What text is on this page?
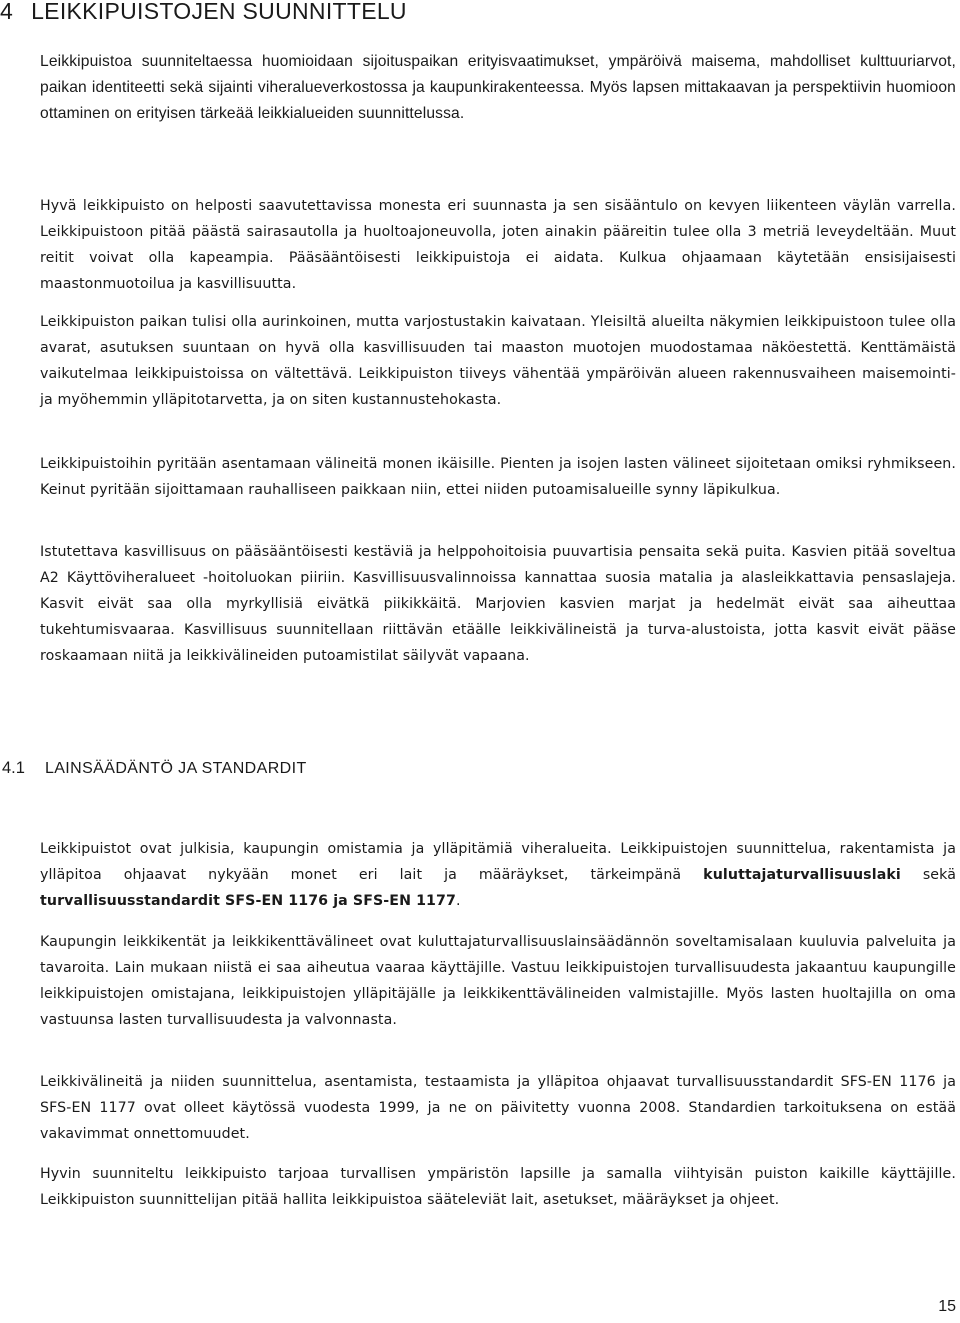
4 LEIKKIPUISTOJEN SUUNNITTELU

Leikkipuistoa suunniteltaessa huomioidaan sijoituspaikan erityisvaatimukset, ympäröivä maisema, mahdolliset kulttuuriarvot, paikan identiteetti sekä sijainti viheralueverkostossa ja kaupunkirakenteessa. Myös lapsen mittakaavan ja perspektiivin huomioon ottaminen on erityisen tärkeää leikkialueiden suunnittelussa.

Hyvä leikkipuisto on helposti saavutettavissa monesta eri suunnasta ja sen sisääntulo on kevyen liikenteen väylän varrella. Leikkipuistoon pitää päästä sairasautolla ja huoltoajoneuvolla, joten ainakin pääreitin tulee olla 3 metriä leveydeltään. Muut reitit voivat olla kapeampia. Pääsääntöisesti leikkipuistoja ei aidata. Kulkua ohjaamaan käytetään ensisijaisesti maastonmuotoilua ja kasvillisuutta.

Leikkipuiston paikan tulisi olla aurinkoinen, mutta varjostustakin kaivataan. Yleisiltä alueilta näkymien leikkipuistoon tulee olla avarat, asutuksen suuntaan on hyvä olla kasvillisuuden tai maaston muotojen muodostamaa näköestettä. Kenttämäistä vaikutelmaa leikkipuistoissa on vältettävä. Leikkipuiston tiiveys vähentää ympäröivän alueen rakennusvaiheen maisemointi- ja myöhemmin ylläpitotarvetta, ja on siten kustannustehokasta.

Leikkipuistoihin pyritään asentamaan välineitä monen ikäisille. Pienten ja isojen lasten välineet sijoitetaan omiksi ryhmikseen. Keinut pyritään sijoittamaan rauhalliseen paikkaan niin, ettei niiden putoamisalueille synny läpikulkua.

Istutettava kasvillisuus on pääsääntöisesti kestäviä ja helppohoitoisia puuvartisia pensaita sekä puita. Kasvien pitää soveltua A2 Käyttöviheralueet -hoitoluokan piiriin. Kasvillisuusvalinnoissa kannattaa suosia matalia ja alasleikkattavia pensaslajeja. Kasvit eivät saa olla myrkyllisiä eivätkä piikikkäitä. Marjovien kasvien marjat ja hedelmät eivät saa aiheuttaa tukehtumisvaaraa. Kasvillisuus suunnitellaan riittävän etäälle leikkivälineistä ja turva-alustoista, jotta kasvit eivät pääse roskaamaan niitä ja leikkivälineiden putoamistilat säilyvät vapaana.

4.1 LAINSÄÄDÄNTÖ JA STANDARDIT

Leikkipuistot ovat julkisia, kaupungin omistamia ja ylläpitämiä viheralueita. Leikkipuistojen suunnittelua, rakentamista ja ylläpitoa ohjaavat nykyään monet eri lait ja määräykset, tärkeimpänä kuluttajaturvallisuuslaki sekä turvallisuusstandardit SFS-EN 1176 ja SFS-EN 1177.

Kaupungin leikkikentät ja leikkikenttävälineet ovat kuluttajaturvallisuuslainsäädännön soveltamisalaan kuuluvia palveluita ja tavaroita. Lain mukaan niistä ei saa aiheutua vaaraa käyttäjille. Vastuu leikkipuistojen turvallisuudesta jakaantuu kaupungille leikkipuistojen omistajana, leikkipuistojen ylläpitäjälle ja leikkikenttävälineiden valmistajille. Myös lasten huoltajilla on oma vastuunsa lasten turvallisuudesta ja valvonnasta.

Leikkivälineitä ja niiden suunnittelua, asentamista, testaamista ja ylläpitoa ohjaavat turvallisuusstandardit SFS-EN 1176 ja SFS-EN 1177 ovat olleet käytössä vuodesta 1999, ja ne on päivitetty vuonna 2008. Standardien tarkoituksena on estää vakavimmat onnettomuudet.

Hyvin suunniteltu leikkipuisto tarjoaa turvallisen ympäristön lapsille ja samalla viihtyisän puiston kaikille käyttäjille. Leikkipuiston suunnittelijan pitää hallita leikkipuistoa sääteleviät lait, asetukset, määräykset ja ohjeet.

15
